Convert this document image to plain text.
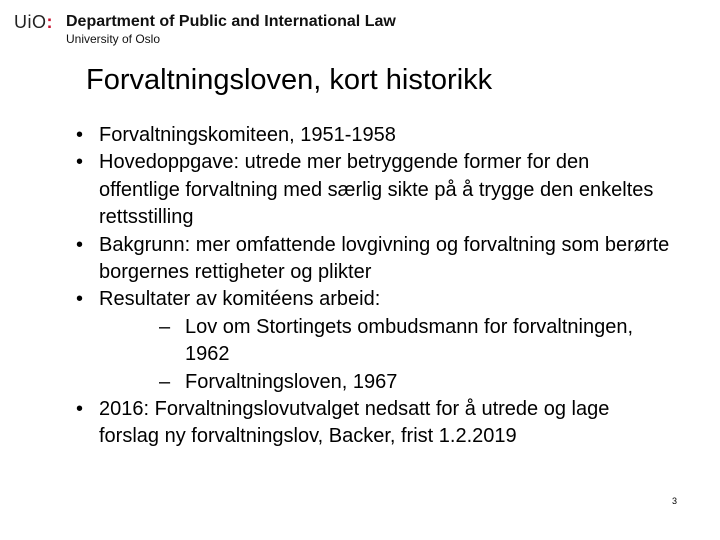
UiO: Department of Public and International Law
University of Oslo
Forvaltningsloven, kort historikk
• Forvaltningskomiteen, 1951-1958
• Hovedoppgave: utrede mer betryggende former for den offentlige forvaltning med særlig sikte på å trygge den enkeltes rettsstilling
• Bakgrunn: mer omfattende lovgivning og forvaltning som berørte borgernes rettigheter og plikter
• Resultater av komitéens arbeid:
– Lov om Stortingets ombudsmann for forvaltningen, 1962
– Forvaltningsloven, 1967
• 2016: Forvaltningslovutvalget nedsatt for å utrede og lage forslag ny forvaltningslov, Backer, frist 1.2.2019
3
